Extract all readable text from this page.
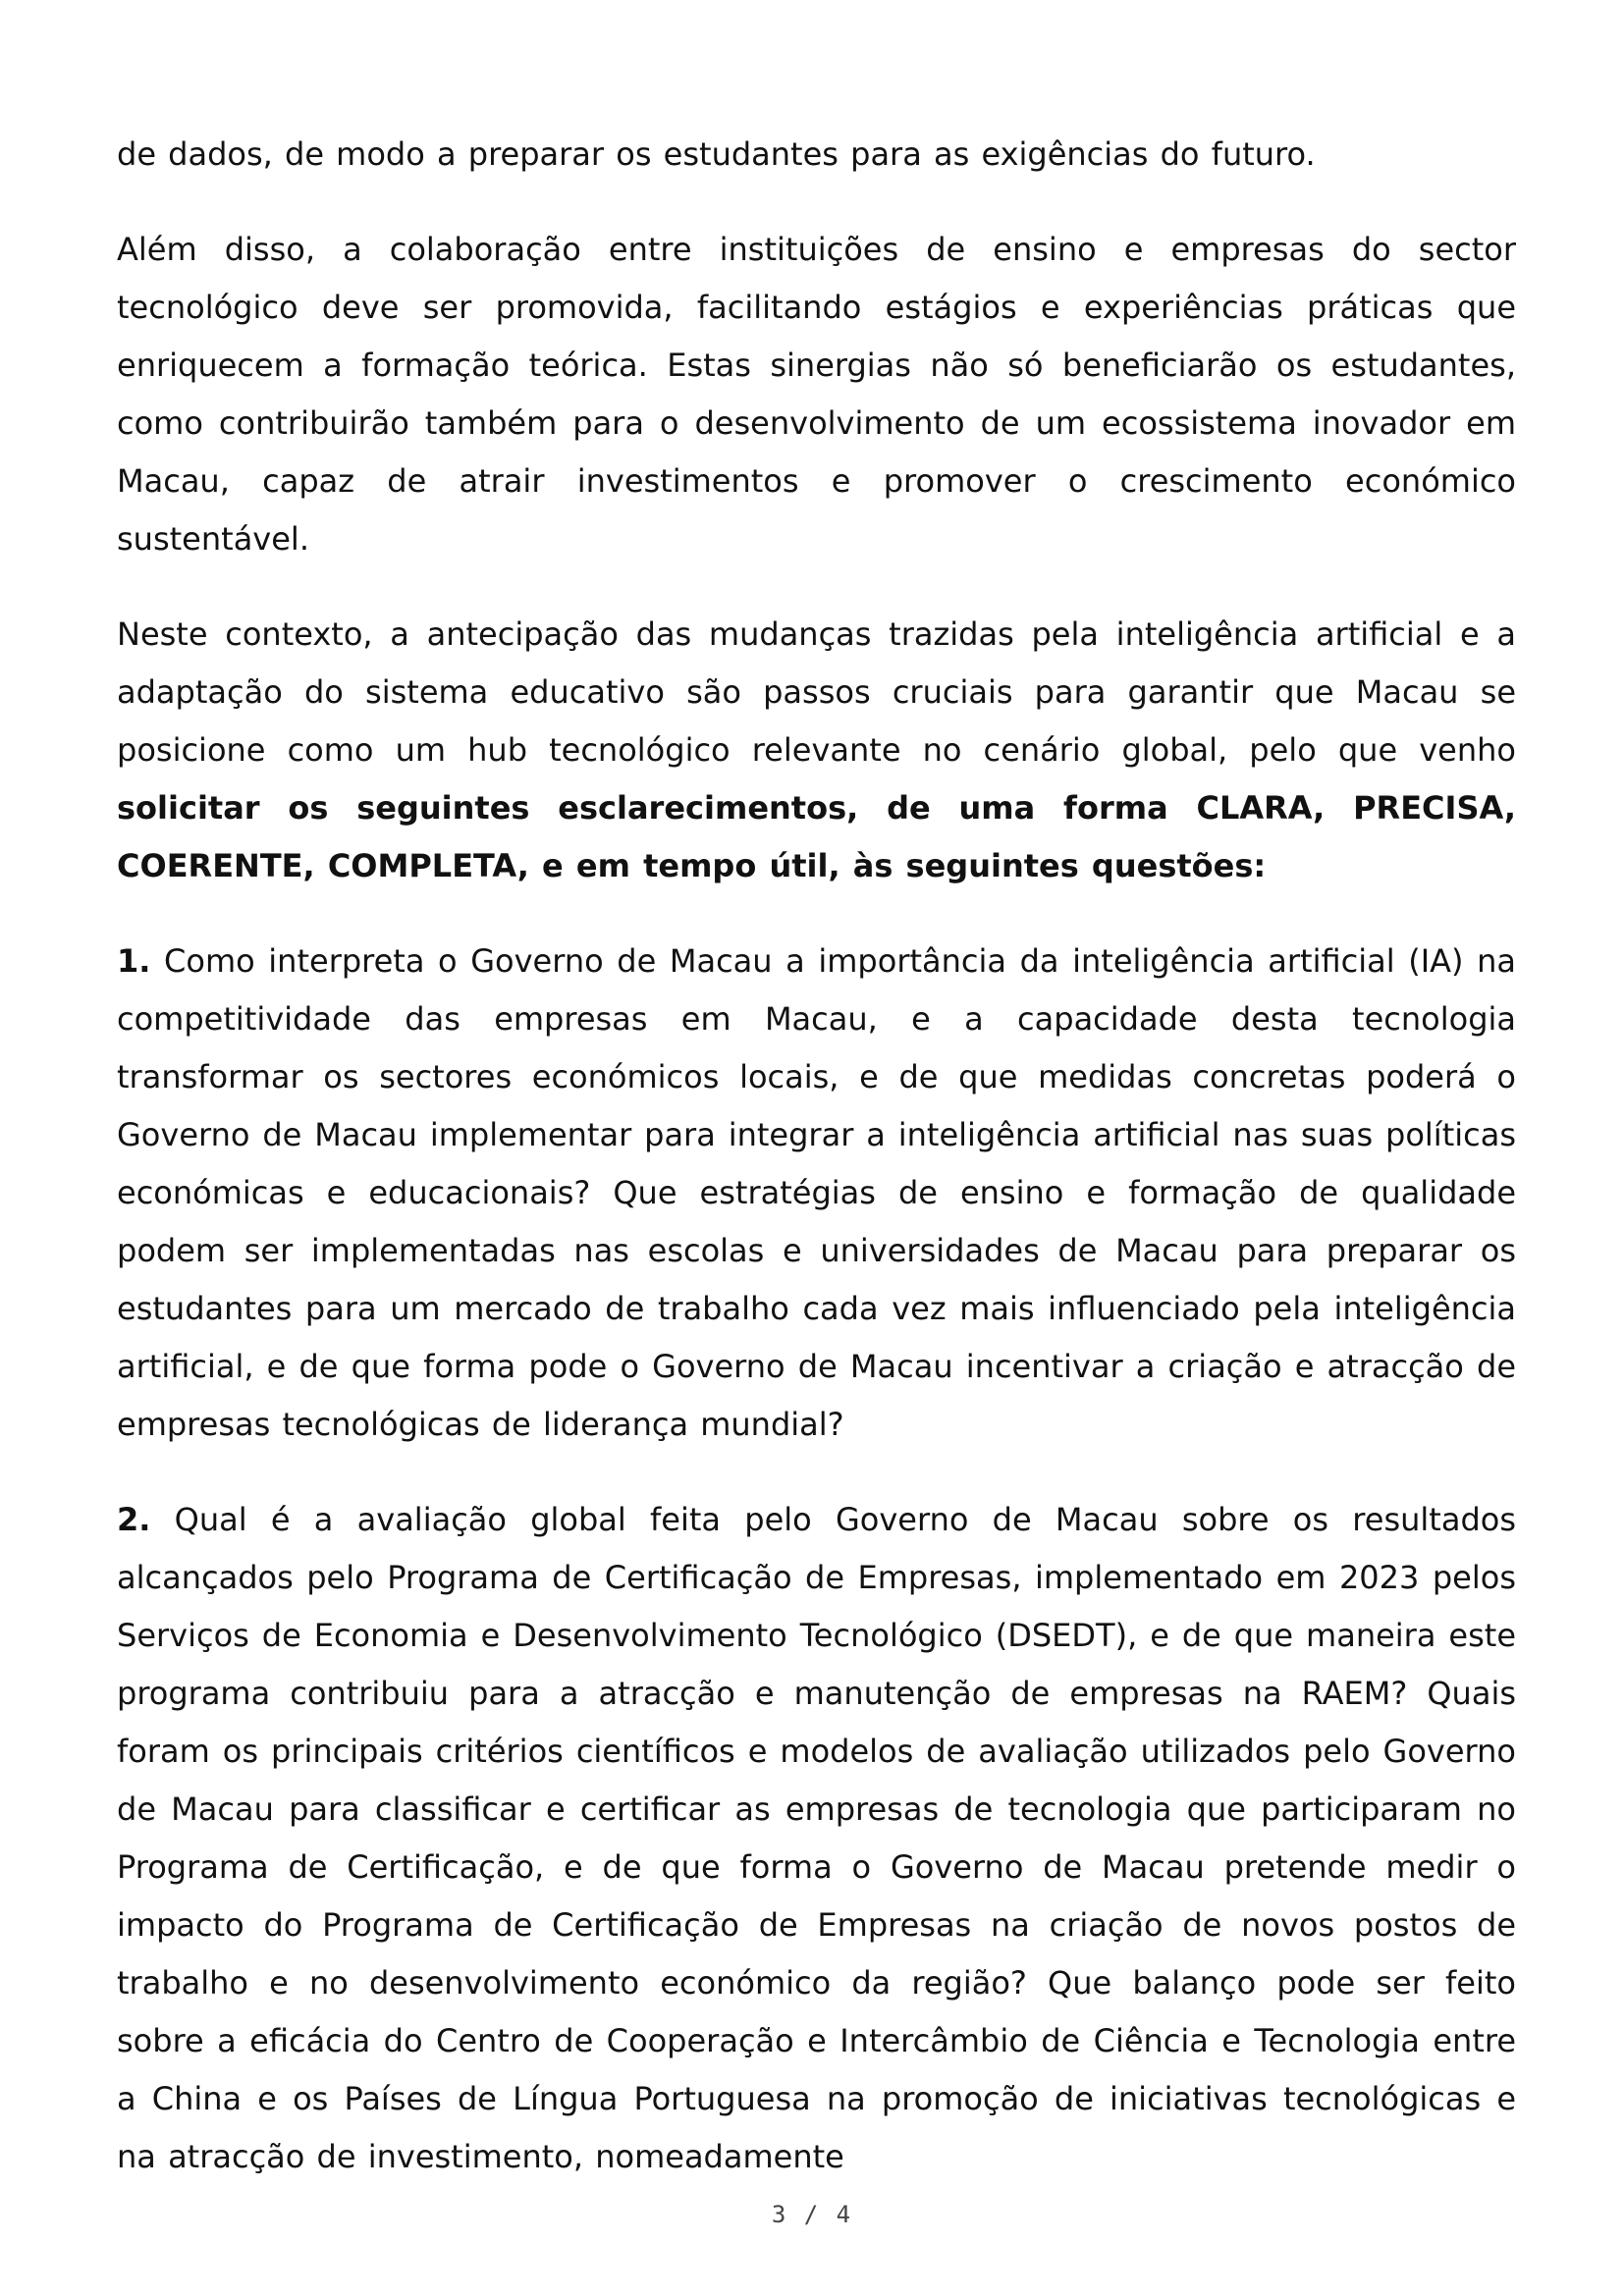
de dados, de modo a preparar os estudantes para as exigências do futuro.

Além disso, a colaboração entre instituições de ensino e empresas do sector tecnológico deve ser promovida, facilitando estágios e experiências práticas que enriquecem a formação teórica. Estas sinergias não só beneficiarão os estudantes, como contribuirão também para o desenvolvimento de um ecossistema inovador em Macau, capaz de atrair investimentos e promover o crescimento económico sustentável.

Neste contexto, a antecipação das mudanças trazidas pela inteligência artificial e a adaptação do sistema educativo são passos cruciais para garantir que Macau se posicione como um hub tecnológico relevante no cenário global, pelo que venho solicitar os seguintes esclarecimentos, de uma forma CLARA, PRECISA, COERENTE, COMPLETA, e em tempo útil, às seguintes questões:

1. Como interpreta o Governo de Macau a importância da inteligência artificial (IA) na competitividade das empresas em Macau, e a capacidade desta tecnologia transformar os sectores económicos locais, e de que medidas concretas poderá o Governo de Macau implementar para integrar a inteligência artificial nas suas políticas económicas e educacionais? Que estratégias de ensino e formação de qualidade podem ser implementadas nas escolas e universidades de Macau para preparar os estudantes para um mercado de trabalho cada vez mais influenciado pela inteligência artificial, e de que forma pode o Governo de Macau incentivar a criação e atracção de empresas tecnológicas de liderança mundial?

2. Qual é a avaliação global feita pelo Governo de Macau sobre os resultados alcançados pelo Programa de Certificação de Empresas, implementado em 2023 pelos Serviços de Economia e Desenvolvimento Tecnológico (DSEDT), e de que maneira este programa contribuiu para a atracção e manutenção de empresas na RAEM? Quais foram os principais critérios científicos e modelos de avaliação utilizados pelo Governo de Macau para classificar e certificar as empresas de tecnologia que participaram no Programa de Certificação, e de que forma o Governo de Macau pretende medir o impacto do Programa de Certificação de Empresas na criação de novos postos de trabalho e no desenvolvimento económico da região? Que balanço pode ser feito sobre a eficácia do Centro de Cooperação e Intercâmbio de Ciência e Tecnologia entre a China e os Países de Língua Portuguesa na promoção de iniciativas tecnológicas e na atracção de investimento, nomeadamente

3 / 4
